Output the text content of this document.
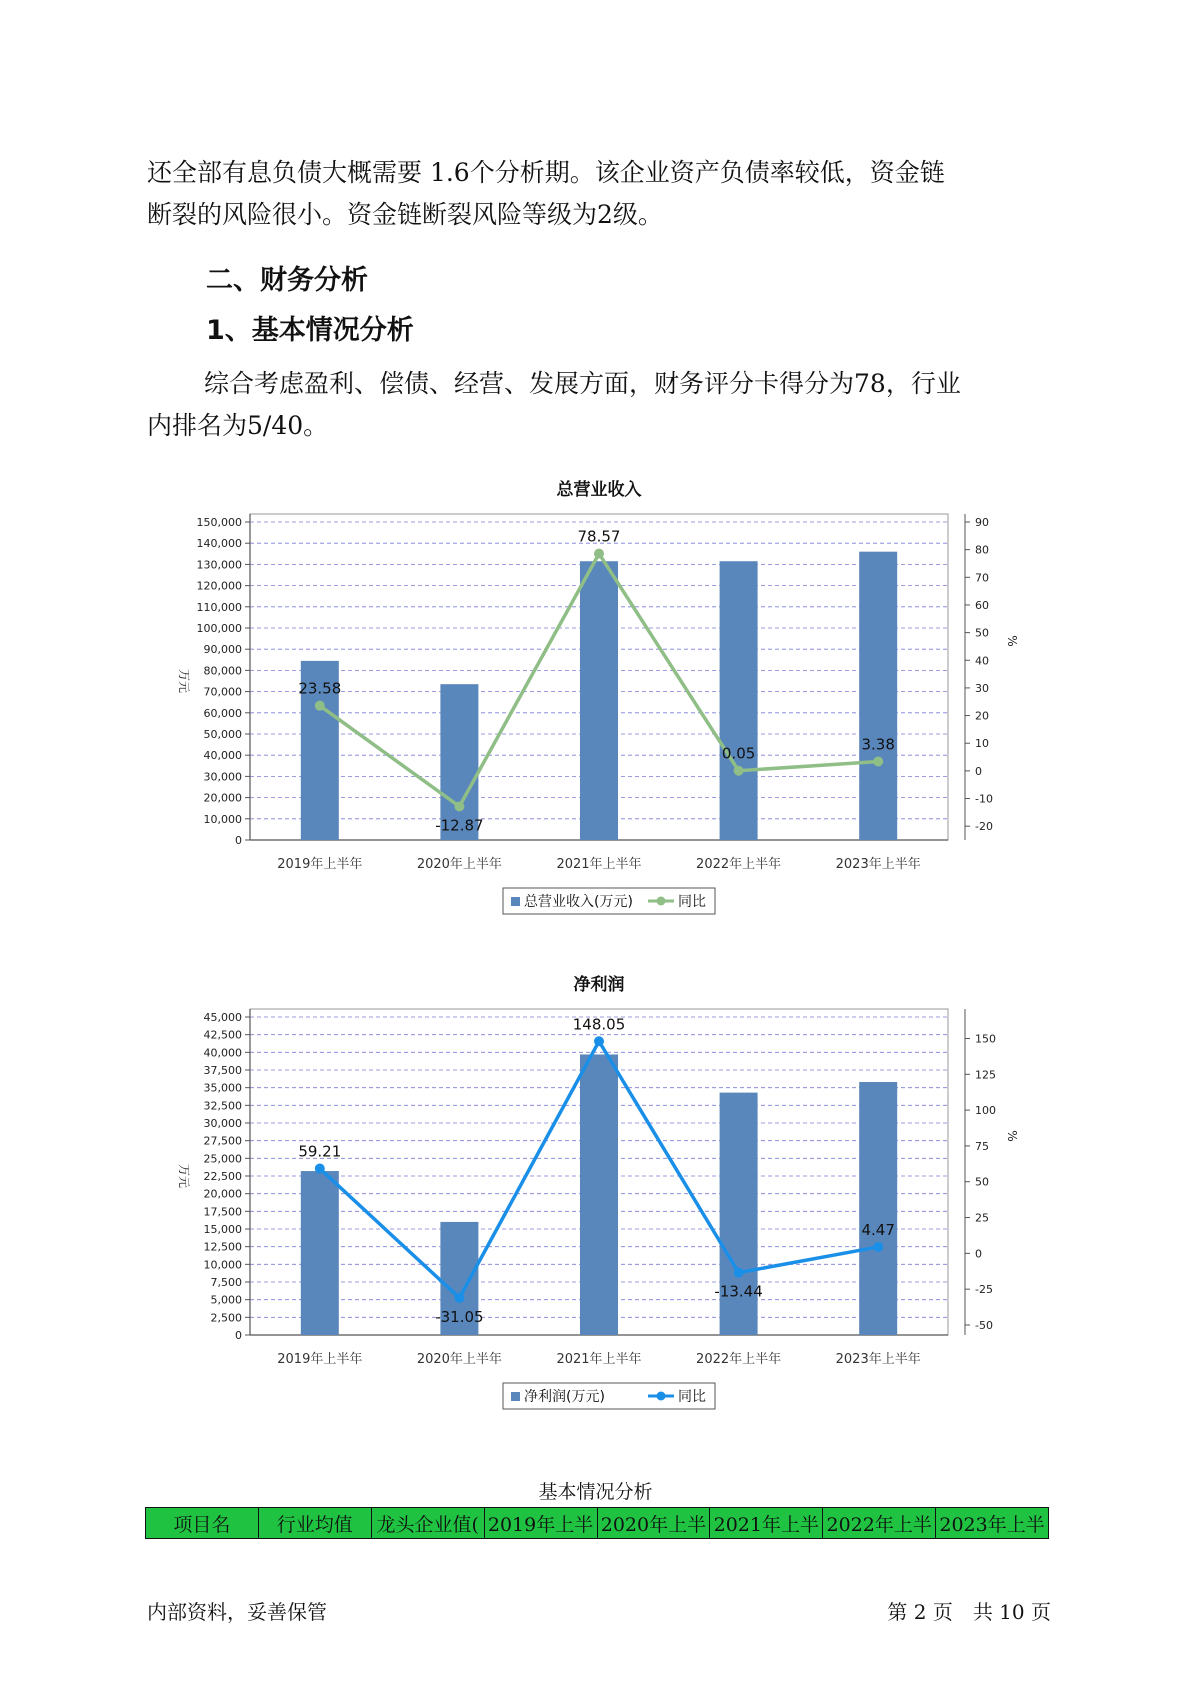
还全部有息负债大概需要 1.6个分析期。该企业资产负债率较低，资金链

断裂的风险很小。资金链断裂风险等级为2级。

二、财务分析
1、基本情况分析

综合考虑盈利、偿债、经营、发展方面，财务评分卡得分为78，行业

内排名为5/40。

总营业收入
0
10,000
20,000
30,000
40,000
50,000
60,000
70,000
80,000
90,000
100,000
110,000
120,000
130,000
140,000
150,000
-20
-10
0
10
20
30
40
50
60
70
80
90
万元
%
2019年上半年	2020年上半年	2021年上半年	2022年上半年	2023年上半年
23.58
-12.87
78.57
0.05
3.38
总营业收入(万元)	同比
净利润
0
2,500
5,000
7,500
10,000
12,500
15,000
17,500
20,000
22,500
25,000
27,500
30,000
32,500
35,000
37,500
40,000
42,500
45,000
-50
-25
0
25
50
75
100
125
150
万元
%
2019年上半年	2020年上半年	2021年上半年	2022年上半年	2023年上半年
59.21
-31.05
148.05
-13.44
4.47
净利润(万元)	同比
基本情况分析
项目名	行业均值	龙头企业值(	2019年上半	2020年上半	2021年上半	2022年上半	2023年上半
内部资料，妥善保管	第 2 页　共 10 页
